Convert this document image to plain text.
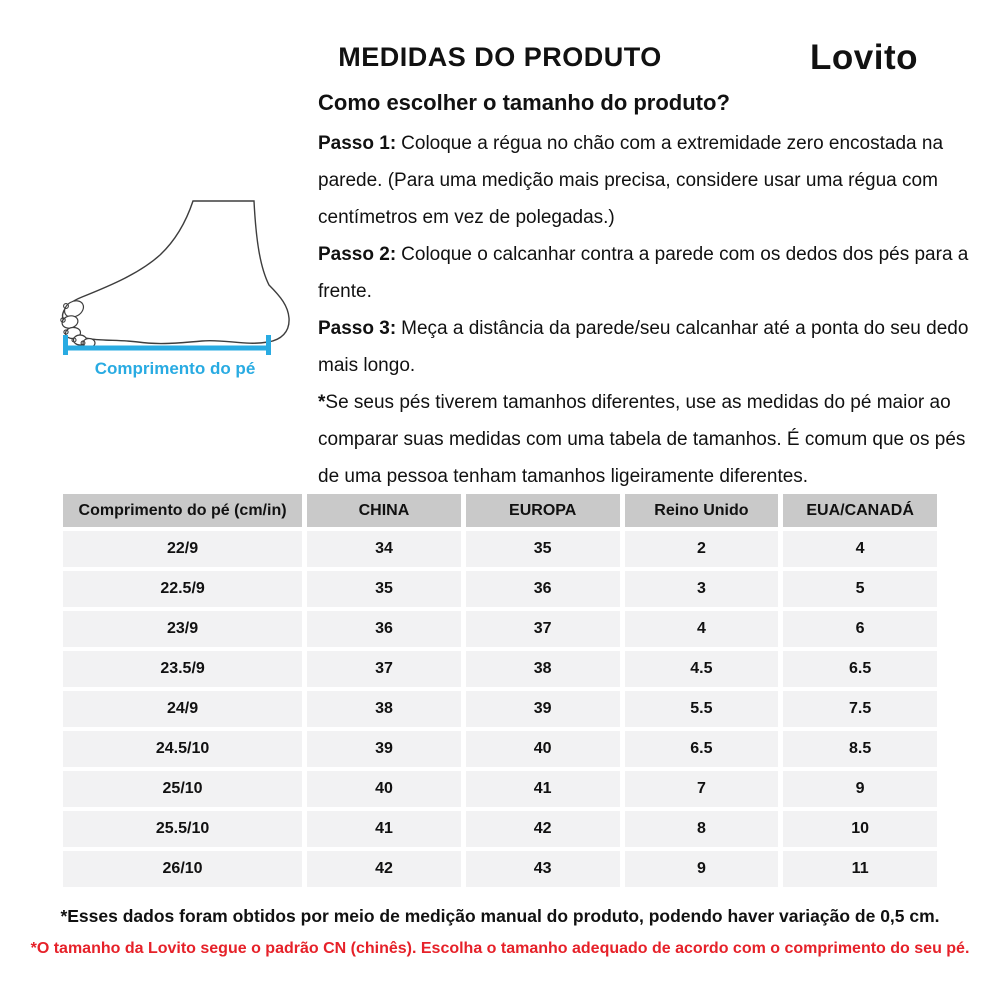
MEDIDAS DO PRODUTO	Lovito
Comprimento do pé
Como escolher o tamanho do produto?

Passo 1: Coloque a régua no chão com a extremidade zero encostada na parede. (Para uma medição mais precisa, considere usar uma régua com centímetros em vez de polegadas.)

Passo 2: Coloque o calcanhar contra a parede com os dedos dos pés para a frente.

Passo 3: Meça a distância da parede/seu calcanhar até a ponta do seu dedo mais longo.

*Se seus pés tiverem tamanhos diferentes, use as medidas do pé maior ao comparar suas medidas com uma tabela de tamanhos. É comum que os pés de uma pessoa tenham tamanhos ligeiramente diferentes.

Comprimento do pé (cm/in)	CHINA	EUROPA	Reino Unido	EUA/CANADÁ
22/9	34	35	2	4
22.5/9	35	36	3	5
23/9	36	37	4	6
23.5/9	37	38	4.5	6.5
24/9	38	39	5.5	7.5
24.5/10	39	40	6.5	8.5
25/10	40	41	7	9
25.5/10	41	42	8	10
26/10	42	43	9	11
*Esses dados foram obtidos por meio de medição manual do produto, podendo haver variação de 0,5 cm.
*O tamanho da Lovito segue o padrão CN (chinês). Escolha o tamanho adequado de acordo com o comprimento do seu pé.
